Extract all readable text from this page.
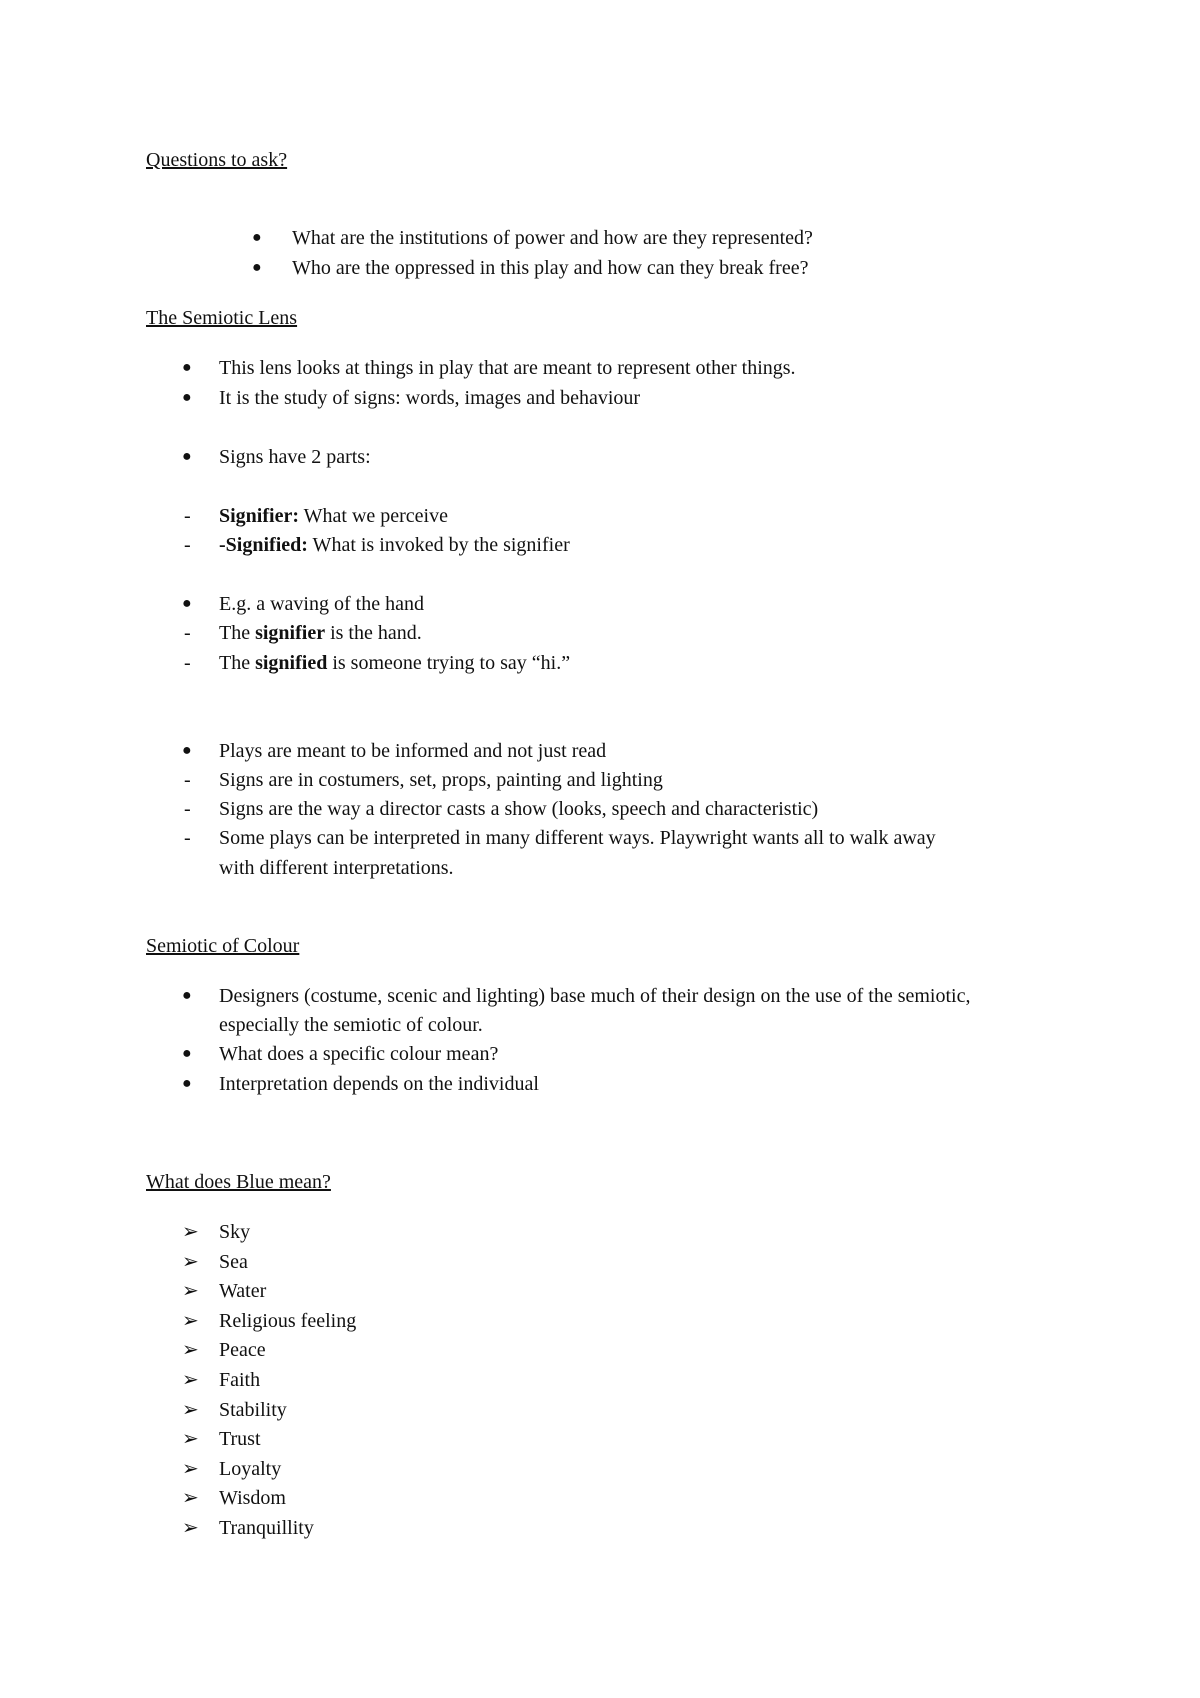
Questions to ask?
● What are the institutions of power and how are they represented?
● Who are the oppressed in this play and how can they break free?
The Semiotic Lens
● This lens looks at things in play that are meant to represent other things.
● It is the study of signs: words, images and behaviour
● Signs have 2 parts:
- Signifier: What we perceive
- -Signified: What is invoked by the signifier
● E.g. a waving of the hand
- The signifier is the hand.
- The signified is someone trying to say “hi.”
● Plays are meant to be informed and not just read
- Signs are in costumers, set, props, painting and lighting
- Signs are the way a director casts a show (looks, speech and characteristic)
- Some plays can be interpreted in many different ways. Playwright wants all to walk away
with different interpretations.
Semiotic of Colour
● Designers (costume, scenic and lighting) base much of their design on the use of the semiotic,
especially the semiotic of colour.
● What does a specific colour mean?
● Interpretation depends on the individual
What does Blue mean?
➢ Sky
➢ Sea
➢ Water
➢ Religious feeling
➢ Peace
➢ Faith
➢ Stability
➢ Trust
➢ Loyalty
➢ Wisdom
➢ Tranquillity
